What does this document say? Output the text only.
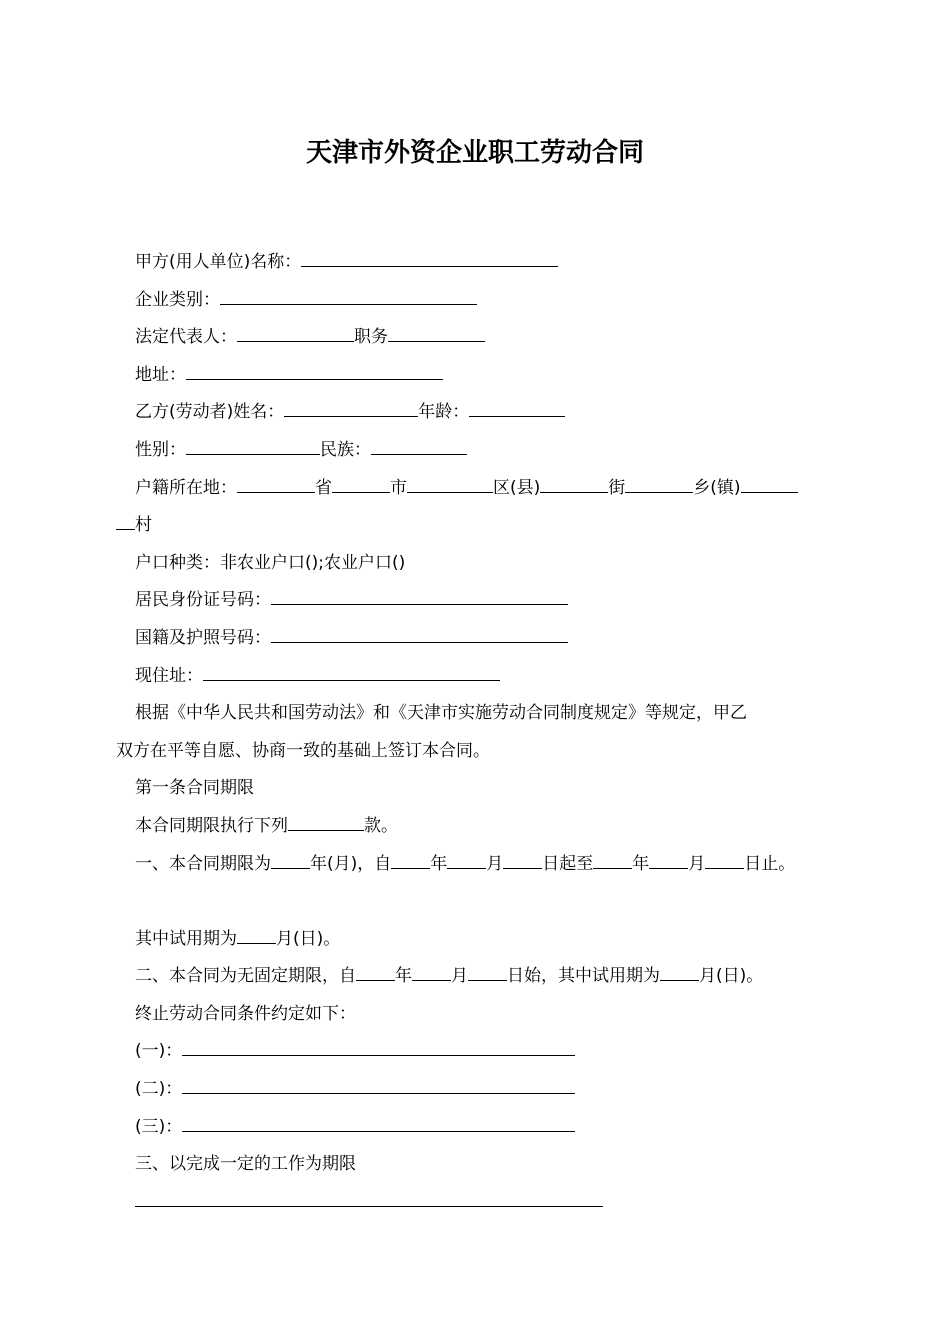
天津市外资企业职工劳动合同

甲方(用人单位)名称：

企业类别：

法定代表人：	职务

地址：

乙方(劳动者)姓名：	年龄：

性别：	民族：

户籍所在地：	省	市	区(县)	街	乡(镇)

村

户口种类：非农业户口();农业户口()

居民身份证号码：

国籍及护照号码：

现住址：

根据《中华人民共和国劳动法》和《天津市实施劳动合同制度规定》等规定，甲乙

双方在平等自愿、协商一致的基础上签订本合同。

第一条合同期限

本合同期限执行下列	款。

一、本合同期限为 年(月)，自 年 月 日起至 年 月 日止。

其中试用期为 月(日)。

二、本合同为无固定期限，自 年 月 日始，其中试用期为 月(日)。

终止劳动合同条件约定如下：

(一)：

(二)：

(三)：

三、以完成一定的工作为期限
